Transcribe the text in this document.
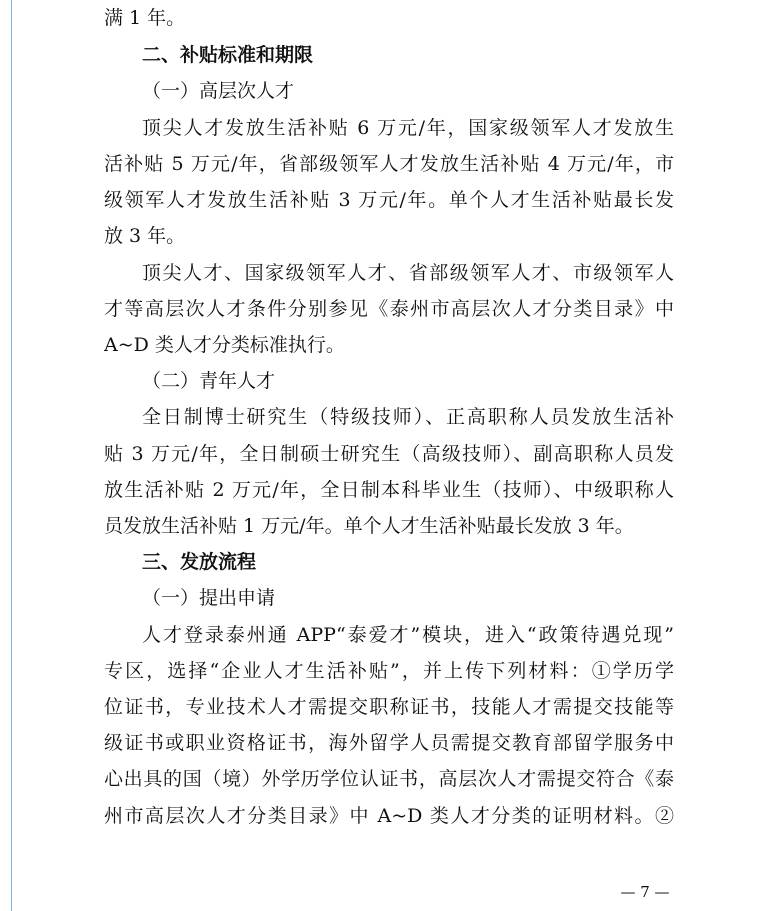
满 1 年。
二、补贴标准和期限
（一）高层次人才
顶尖人才发放生活补贴 6 万元/年，国家级领军人才发放生
活补贴 5 万元/年，省部级领军人才发放生活补贴 4 万元/年，市
级领军人才发放生活补贴 3 万元/年。单个人才生活补贴最长发
放 3 年。
顶尖人才、国家级领军人才、省部级领军人才、市级领军人
才等高层次人才条件分别参见《泰州市高层次人才分类目录》中
A~D 类人才分类标准执行。
（二）青年人才
全日制博士研究生（特级技师）、正高职称人员发放生活补
贴 3 万元/年，全日制硕士研究生（高级技师）、副高职称人员发
放生活补贴 2 万元/年，全日制本科毕业生（技师）、中级职称人
员发放生活补贴 1 万元/年。单个人才生活补贴最长发放 3 年。
三、发放流程
（一）提出申请
人才登录泰州通 APP“泰爱才”模块，进入“政策待遇兑现”
专区，选择“企业人才生活补贴”，并上传下列材料：①学历学
位证书，专业技术人才需提交职称证书，技能人才需提交技能等
级证书或职业资格证书，海外留学人员需提交教育部留学服务中
心出具的国（境）外学历学位认证书，高层次人才需提交符合《泰
州市高层次人才分类目录》中 A~D 类人才分类的证明材料。②
— 7 —
